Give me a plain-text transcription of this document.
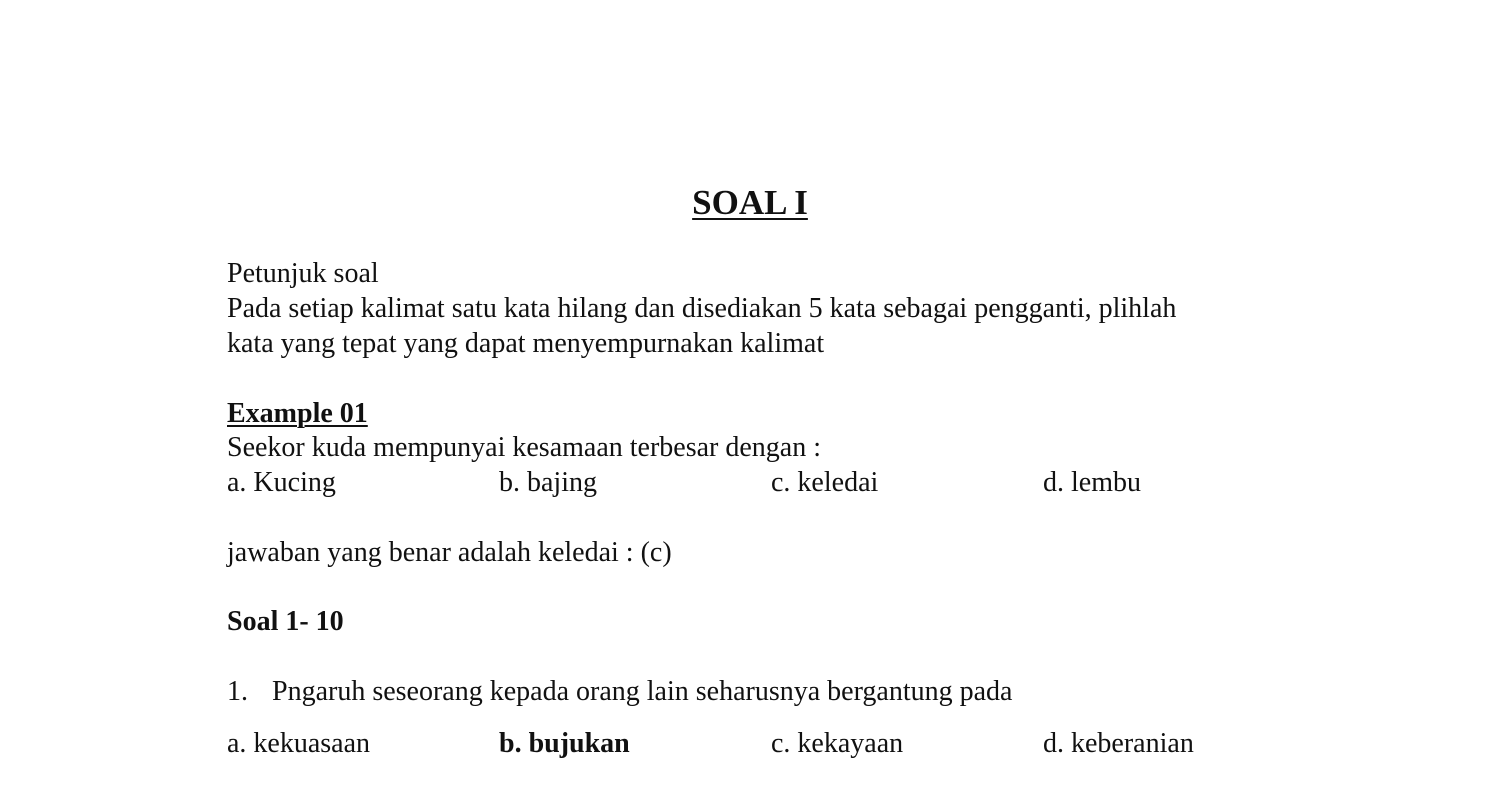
SOAL I
Petunjuk soal
Pada setiap kalimat satu kata hilang dan disediakan 5 kata sebagai pengganti, plihlah
kata yang tepat yang dapat menyempurnakan kalimat
Example 01
Seekor kuda mempunyai kesamaan terbesar dengan :
a. Kucing	b. bajing	c. keledai	d. lembu
jawaban yang benar adalah keledai : (c)
Soal 1- 10
1. Pngaruh seseorang kepada orang lain seharusnya bergantung pada
a. kekuasaan	b. bujukan	c. kekayaan	d. keberanian
